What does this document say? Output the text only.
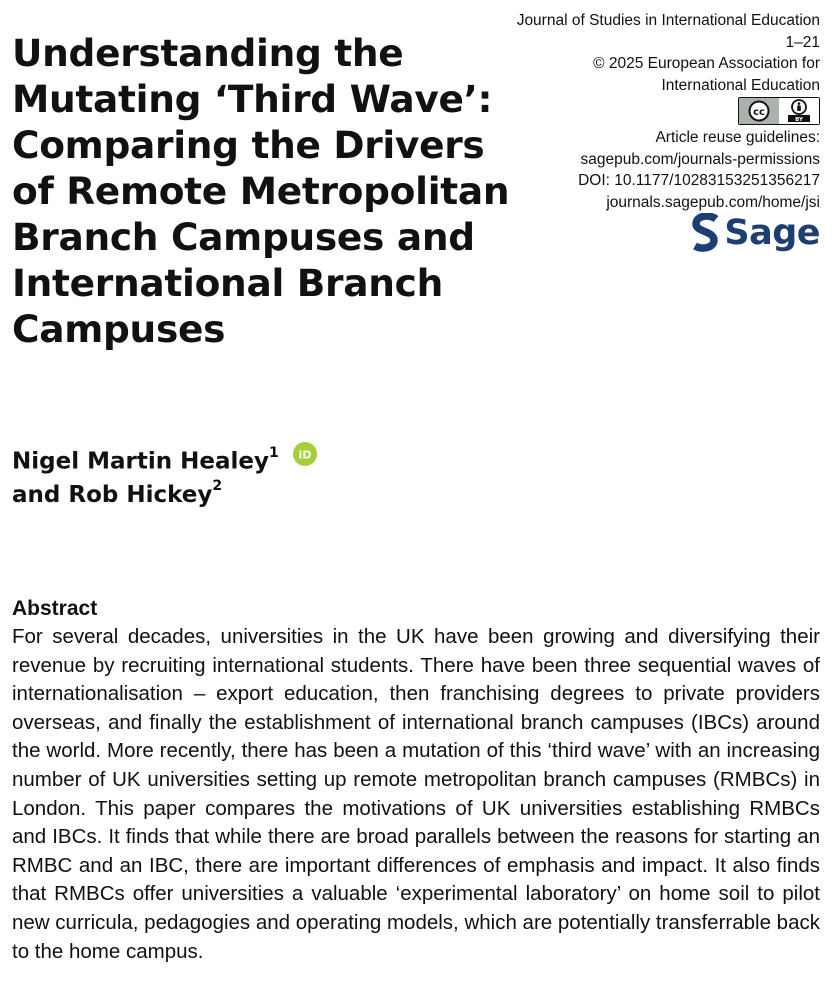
Understanding the Mutating ‘Third Wave’: Comparing the Drivers of Remote Metropolitan Branch Campuses and International Branch Campuses
Journal of Studies in International Education
1–21
© 2025 European Association for
International Education
cc
BY
Article reuse guidelines:
sagepub.com/journals-permissions
DOI: 10.1177/10283153251356217
journals.sagepub.com/home/jsi
Sage
Nigel Martin Healey$^1$ iD
and Rob Hickey$^2$

Abstract

For several decades, universities in the UK have been growing and diversifying their revenue by recruiting international students. There have been three sequential waves of internationalisation – export education, then franchising degrees to private providers overseas, and finally the establishment of international branch campuses (IBCs) around the world. More recently, there has been a mutation of this ‘third wave’ with an increasing number of UK universities setting up remote metropolitan branch campuses (RMBCs) in London. This paper compares the motivations of UK universities establishing RMBCs and IBCs. It finds that while there are broad parallels between the reasons for starting an RMBC and an IBC, there are important differences of emphasis and impact. It also finds that RMBCs offer universities a valuable ‘experimental laboratory’ on home soil to pilot new curricula, pedagogies and operating models, which are potentially transferrable back to the home campus.
